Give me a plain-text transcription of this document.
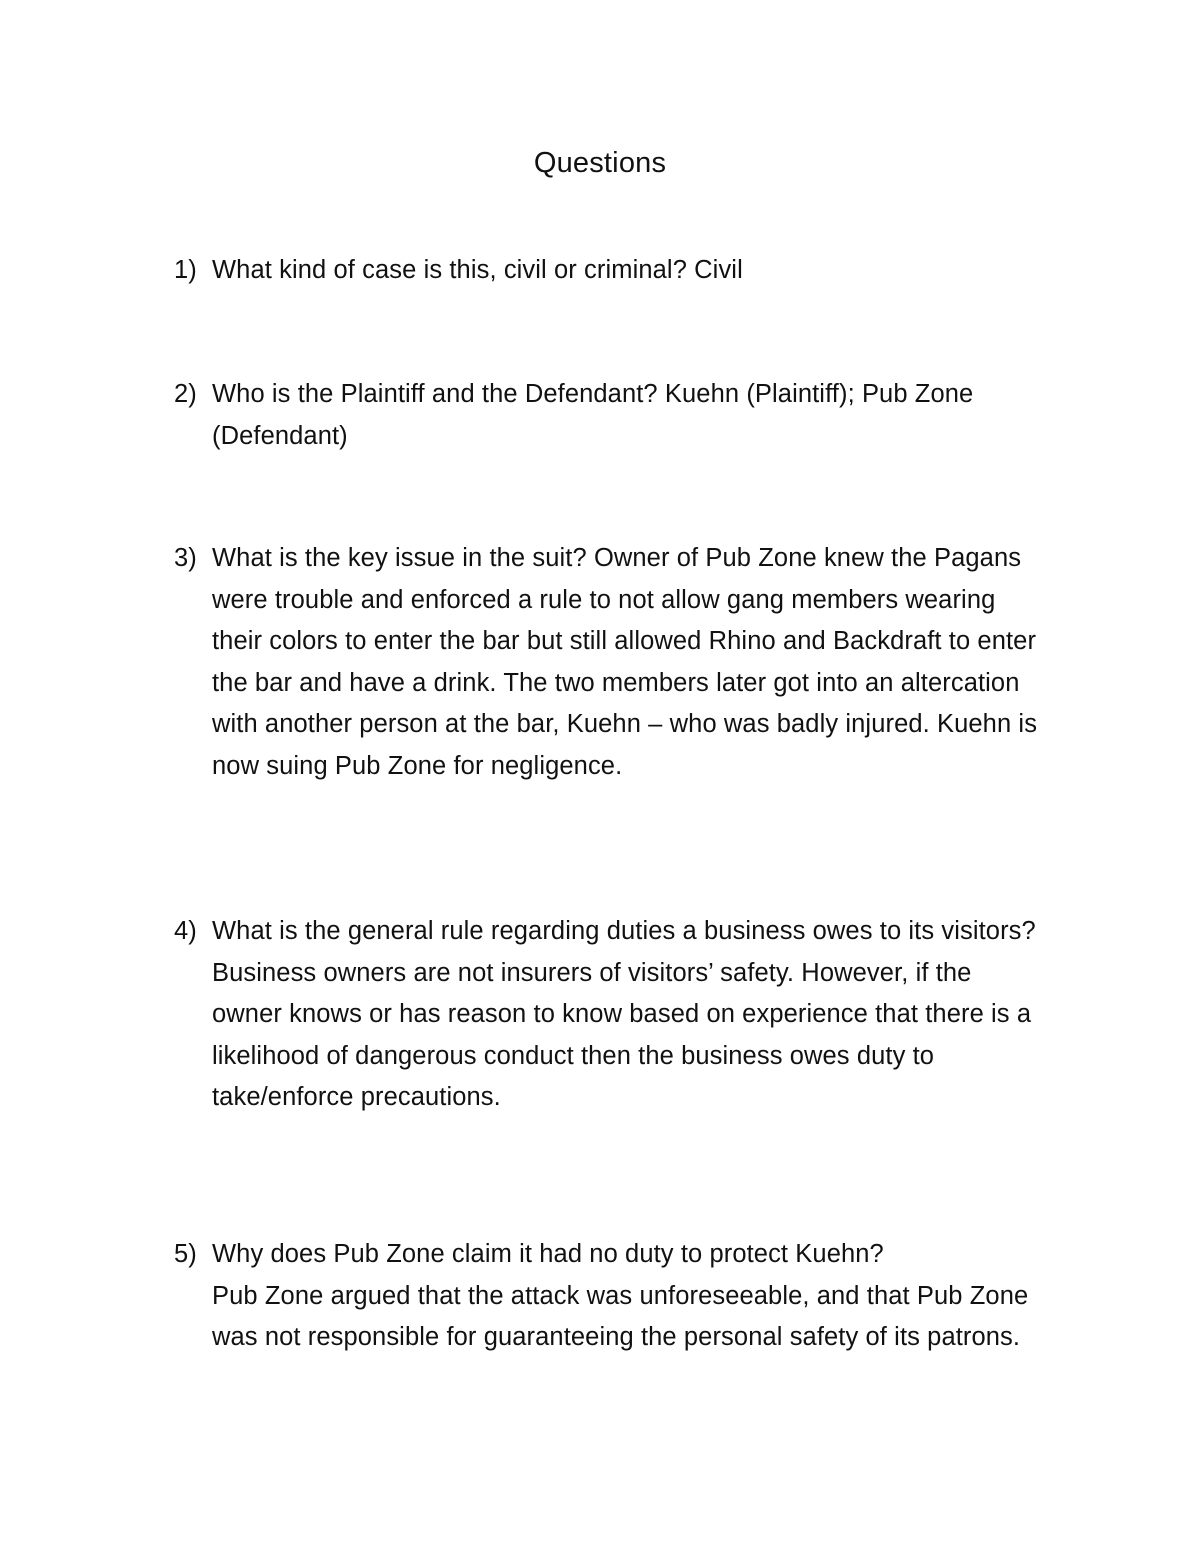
Questions
1) What kind of case is this, civil or criminal? Civil
2) Who is the Plaintiff and the Defendant? Kuehn (Plaintiff); Pub Zone (Defendant)
3) What is the key issue in the suit? Owner of Pub Zone knew the Pagans were trouble and enforced a rule to not allow gang members wearing their colors to enter the bar but still allowed Rhino and Backdraft to enter the bar and have a drink. The two members later got into an altercation with another person at the bar, Kuehn – who was badly injured. Kuehn is now suing Pub Zone for negligence.
4) What is the general rule regarding duties a business owes to its visitors?
Business owners are not insurers of visitors’ safety. However, if the owner knows or has reason to know based on experience that there is a likelihood of dangerous conduct then the business owes duty to take/enforce precautions.
5) Why does Pub Zone claim it had no duty to protect Kuehn?
Pub Zone argued that the attack was unforeseeable, and that Pub Zone was not responsible for guaranteeing the personal safety of its patrons.
